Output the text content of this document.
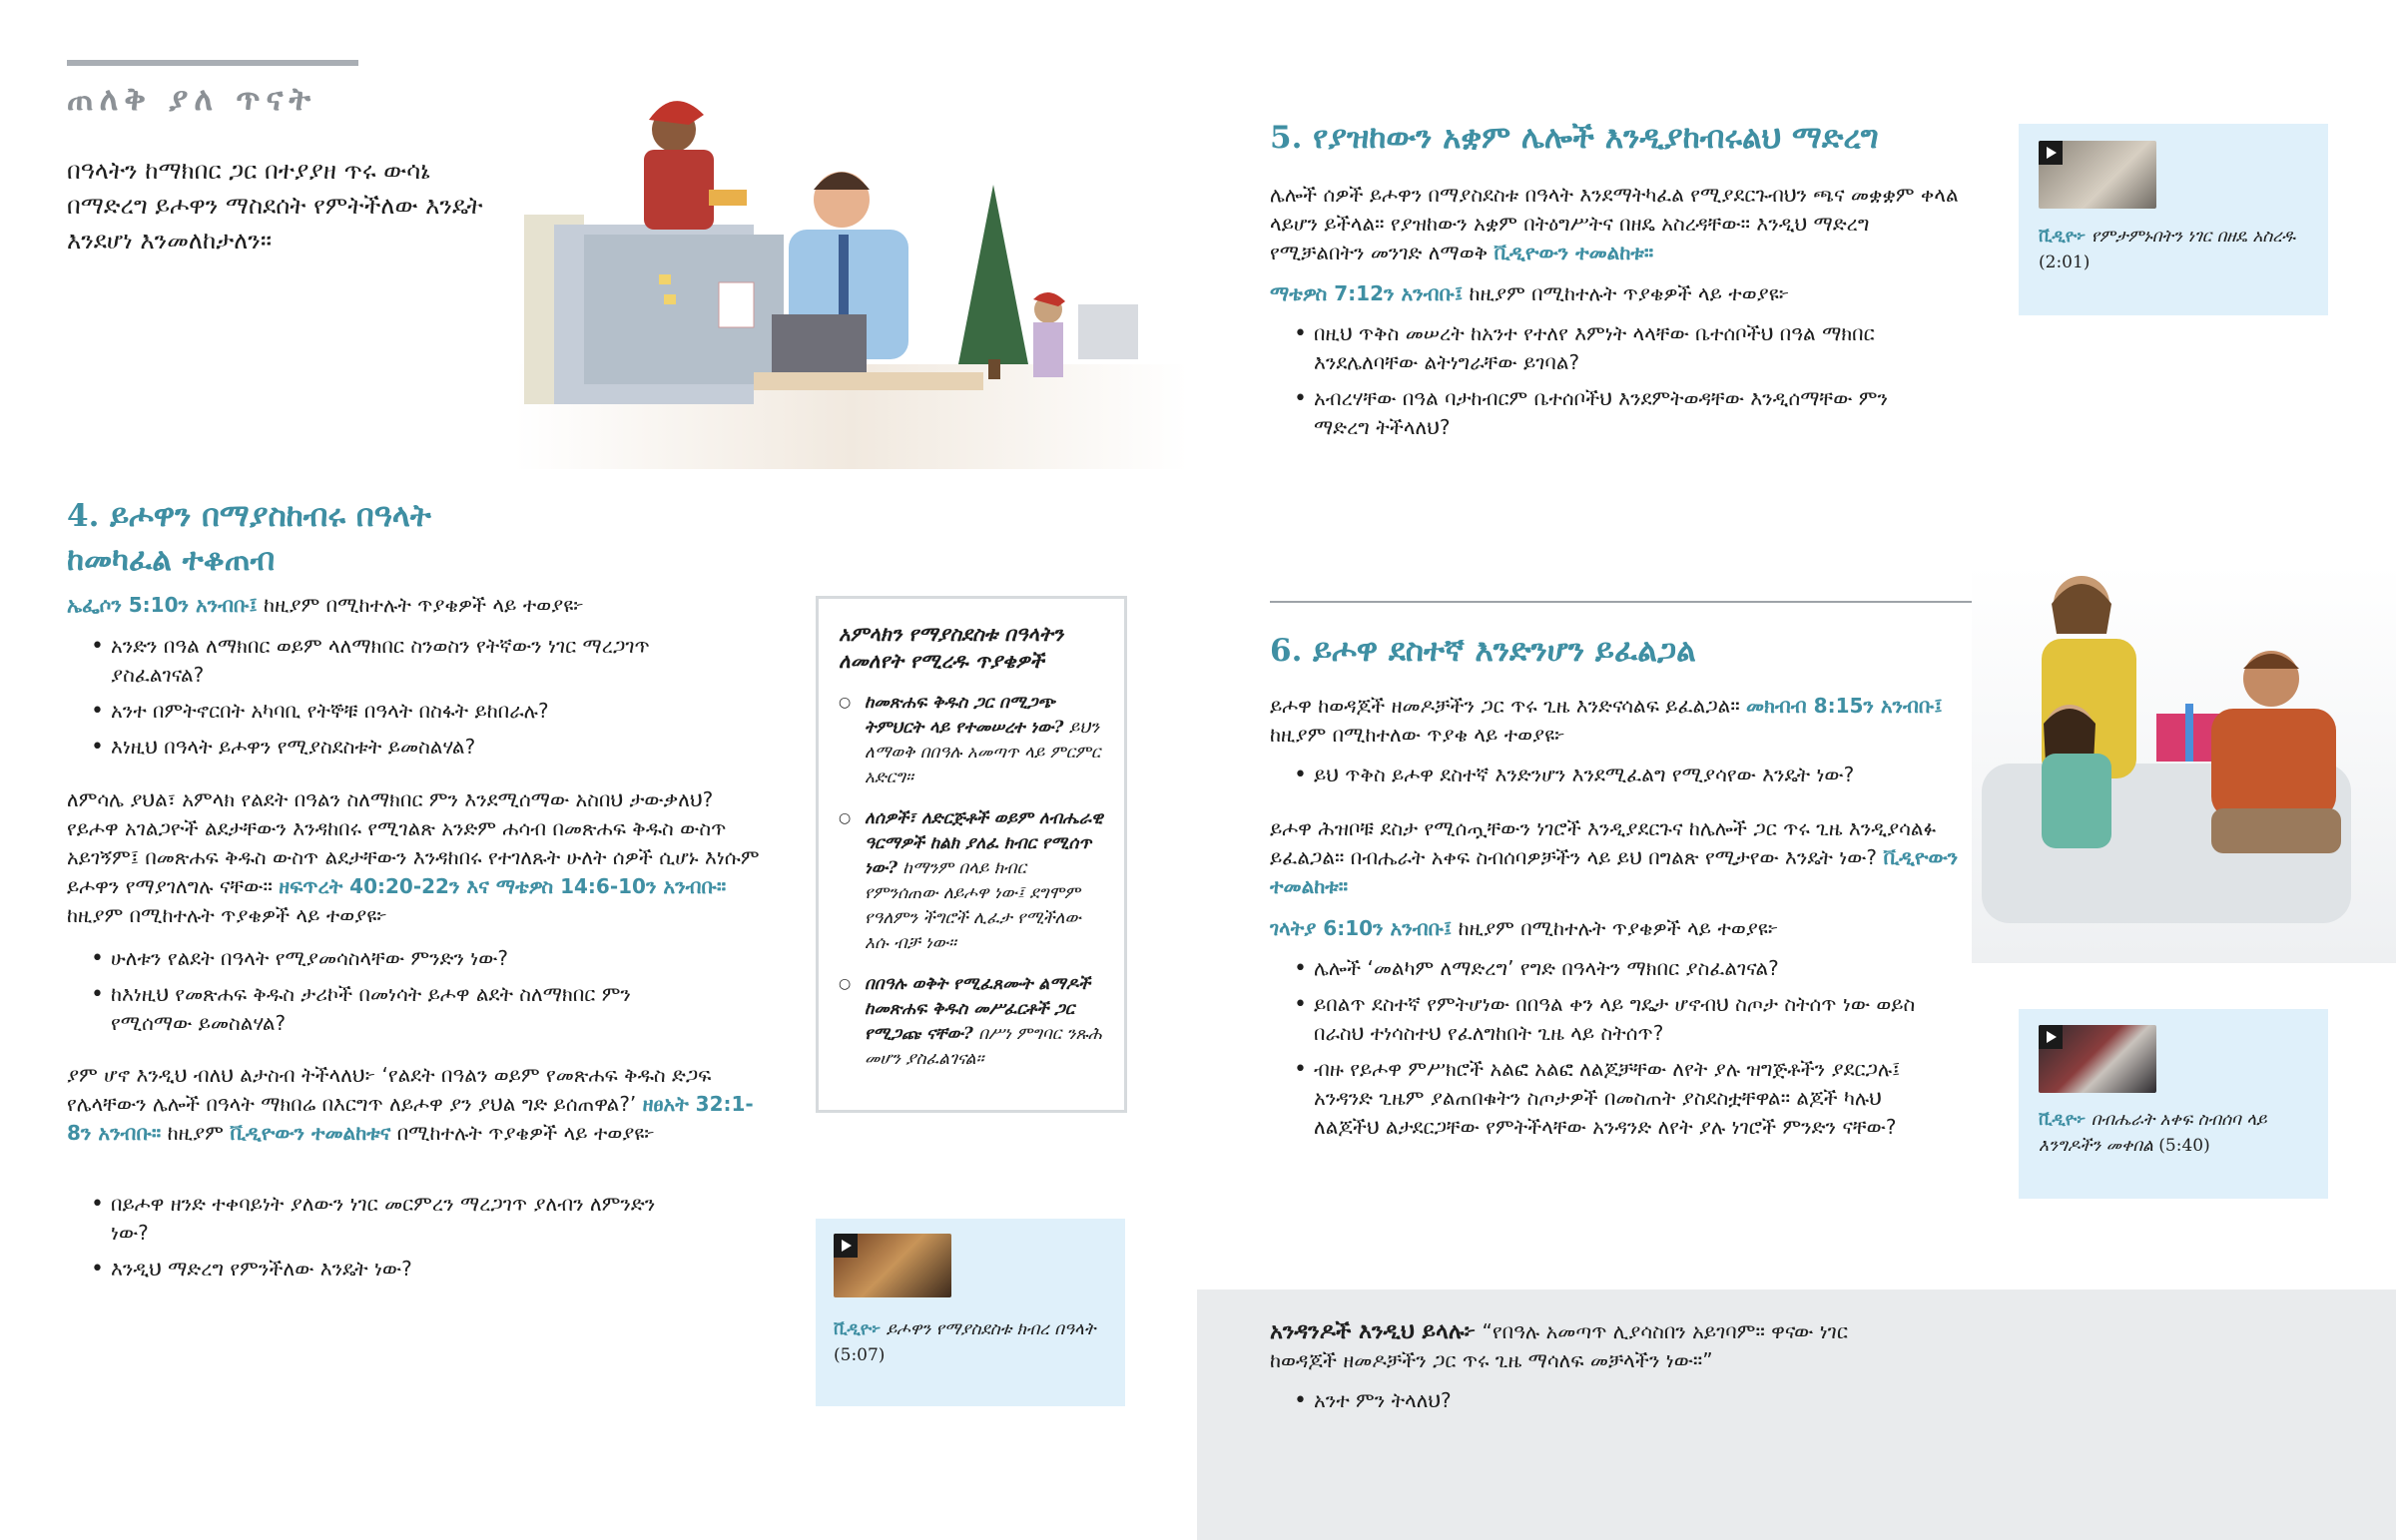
ጠለቅ ያለ ጥናት

በዓላትን ከማክበር ጋር በተያያዘ ጥሩ ውሳኔ በማድረግ ይሖዋን ማስደሰት የምትችለው እንዴት እንደሆነ እንመለከታለን።

4. ይሖዋን በማያስከብሩ በዓላት
ከመካፈል ተቆጠብ

ኤፌሶን 5:10ን አንብቡ፤ ከዚያም በሚከተሉት ጥያቄዎች ላይ ተወያዩ፦

• አንድን በዓል ለማክበር ወይም ላለማክበር ስንወስን የትኛውን ነገር ማረጋገጥ ያስፈልገናል?
• አንተ በምትኖርበት አካባቢ የትኞቹ በዓላት በስፋት ይከበራሉ?
• እነዚህ በዓላት ይሖዋን የሚያስደስቱት ይመስልሃል?

ለምሳሌ ያህል፣ አምላክ የልደት በዓልን ስለማክበር ምን እንደሚሰማው አስበህ ታውቃለህ? የይሖዋ አገልጋዮች ልደታቸውን እንዳከበሩ የሚገልጽ አንድም ሐሳብ በመጽሐፍ ቅዱስ ውስጥ አይገኝም፤ በመጽሐፍ ቅዱስ ውስጥ ልደታቸውን እንዳከበሩ የተገለጹት ሁለት ሰዎች ሲሆኑ እነሱም ይሖዋን የማያገለግሉ ናቸው። ዘፍጥረት 40:20-22ን እና ማቴዎስ 14:6-10ን አንብቡ። ከዚያም በሚከተሉት ጥያቄዎች ላይ ተወያዩ፦

• ሁለቱን የልደት በዓላት የሚያመሳስላቸው ምንድን ነው?
• ከእነዚህ የመጽሐፍ ቅዱስ ታሪኮች በመነሳት ይሖዋ ልደት ስለማክበር ምን የሚሰማው ይመስልሃል?

ያም ሆኖ እንዲህ ብለህ ልታስብ ትችላለህ፦ ‘የልደት በዓልን ወይም የመጽሐፍ ቅዱስ ድጋፍ የሌላቸውን ሌሎች በዓላት ማክበሬ በእርግጥ ለይሖዋ ያን ያህል ግድ ይሰጠዋል?’ ዘፀአት 32:1-8ን አንብቡ። ከዚያም ቪዲዮውን ተመልከቱና በሚከተሉት ጥያቄዎች ላይ ተወያዩ፦

• በይሖዋ ዘንድ ተቀባይነት ያለውን ነገር መርምረን ማረጋገጥ ያለብን ለምንድን ነው?
• እንዲህ ማድረግ የምንችለው እንዴት ነው?
አምላክን የማያስደስቱ በዓላትን ለመለየት የሚረዱ ጥያቄዎች
○ ከመጽሐፍ ቅዱስ ጋር በሚጋጭ ትምህርት ላይ የተመሠረተ ነው? ይህን ለማወቅ በበዓሉ አመጣጥ ላይ ምርምር አድርግ።
○ ለሰዎች፣ ለድርጅቶች ወይም ለብሔራዊ ዓርማዎች ከልክ ያለፈ ክብር የሚሰጥ ነው? ከማንም በላይ ክብር የምንሰጠው ለይሖዋ ነው፤ ደግሞም የዓለምን ችግሮች ሊፈታ የሚችለው እሱ ብቻ ነው።
○ በበዓሉ ወቅት የሚፈጸሙት ልማዶች ከመጽሐፍ ቅዱስ መሥፈርቶች ጋር የሚጋጩ ናቸው? በሥነ ምግባር ንጹሕ መሆን ያስፈልገናል።
ቪዲዮ፦ ይሖዋን የማያስደስቱ ክብረ በዓላት (5:07)
5. የያዝከውን አቋም ሌሎች እንዲያከብሩልህ ማድረግ

ሌሎች ሰዎች ይሖዋን በማያስደስቱ በዓላት እንደማትካፈል የሚያደርጉብህን ጫና መቋቋም ቀላል ላይሆን ይችላል። የያዝከውን አቋም በትዕግሥትና በዘዴ አስረዳቸው። እንዲህ ማድረግ የሚቻልበትን መንገድ ለማወቅ ቪዲዮውን ተመልከቱ።

ማቴዎስ 7:12ን አንብቡ፤ ከዚያም በሚከተሉት ጥያቄዎች ላይ ተወያዩ፦

• በዚህ ጥቅስ መሠረት ከአንተ የተለየ እምነት ላላቸው ቤተሰቦችህ በዓል ማክበር እንደሌለባቸው ልትነግራቸው ይገባል?
• አብረሃቸው በዓል ባታከብርም ቤተሰቦችህ እንደምትወዳቸው እንዲሰማቸው ምን ማድረግ ትችላለህ?
ቪዲዮ፦ የምታምኑበትን ነገር በዘዴ አስረዱ (2:01)
6. ይሖዋ ደስተኛ እንድንሆን ይፈልጋል

ይሖዋ ከወዳጆች ዘመዶቻችን ጋር ጥሩ ጊዜ እንድናሳልፍ ይፈልጋል። መክብብ 8:15ን አንብቡ፤ ከዚያም በሚከተለው ጥያቄ ላይ ተወያዩ፦

• ይህ ጥቅስ ይሖዋ ደስተኛ እንድንሆን እንደሚፈልግ የሚያሳየው እንዴት ነው?

ይሖዋ ሕዝቦቹ ደስታ የሚሰጧቸውን ነገሮች እንዲያደርጉና ከሌሎች ጋር ጥሩ ጊዜ እንዲያሳልፉ ይፈልጋል። በብሔራት አቀፍ ስብሰባዎቻችን ላይ ይህ በግልጽ የሚታየው እንዴት ነው? ቪዲዮውን ተመልከቱ።

ገላትያ 6:10ን አንብቡ፤ ከዚያም በሚከተሉት ጥያቄዎች ላይ ተወያዩ፦

• ሌሎች ‘መልካም ለማድረግ’ የግድ በዓላትን ማክበር ያስፈልገናል?
• ይበልጥ ደስተኛ የምትሆነው በበዓል ቀን ላይ ግዴታ ሆኖብህ ስጦታ ስትሰጥ ነው ወይስ በራስህ ተነሳስተህ የፈለግከበት ጊዜ ላይ ስትሰጥ?
• ብዙ የይሖዋ ምሥክሮች አልፎ አልፎ ለልጆቻቸው ለየት ያሉ ዝግጅቶችን ያደርጋሉ፤ አንዳንድ ጊዜም ያልጠበቁትን ስጦታዎች በመስጠት ያስደስቷቸዋል። ልጆች ካሉህ ለልጆችህ ልታደርጋቸው የምትችላቸው አንዳንድ ለየት ያሉ ነገሮች ምንድን ናቸው?	ቪዲዮ፦ በብሔራት አቀፍ ስብሰባ ላይ እንግዶችን መቀበል (5:40)

አንዳንዶች እንዲህ ይላሉ፦ “የበዓሉ አመጣጥ ሊያሳስበን አይገባም። ዋናው ነገር ከወዳጆች ዘመዶቻችን ጋር ጥሩ ጊዜ ማሳለፍ መቻላችን ነው።”

• አንተ ምን ትላለህ?
